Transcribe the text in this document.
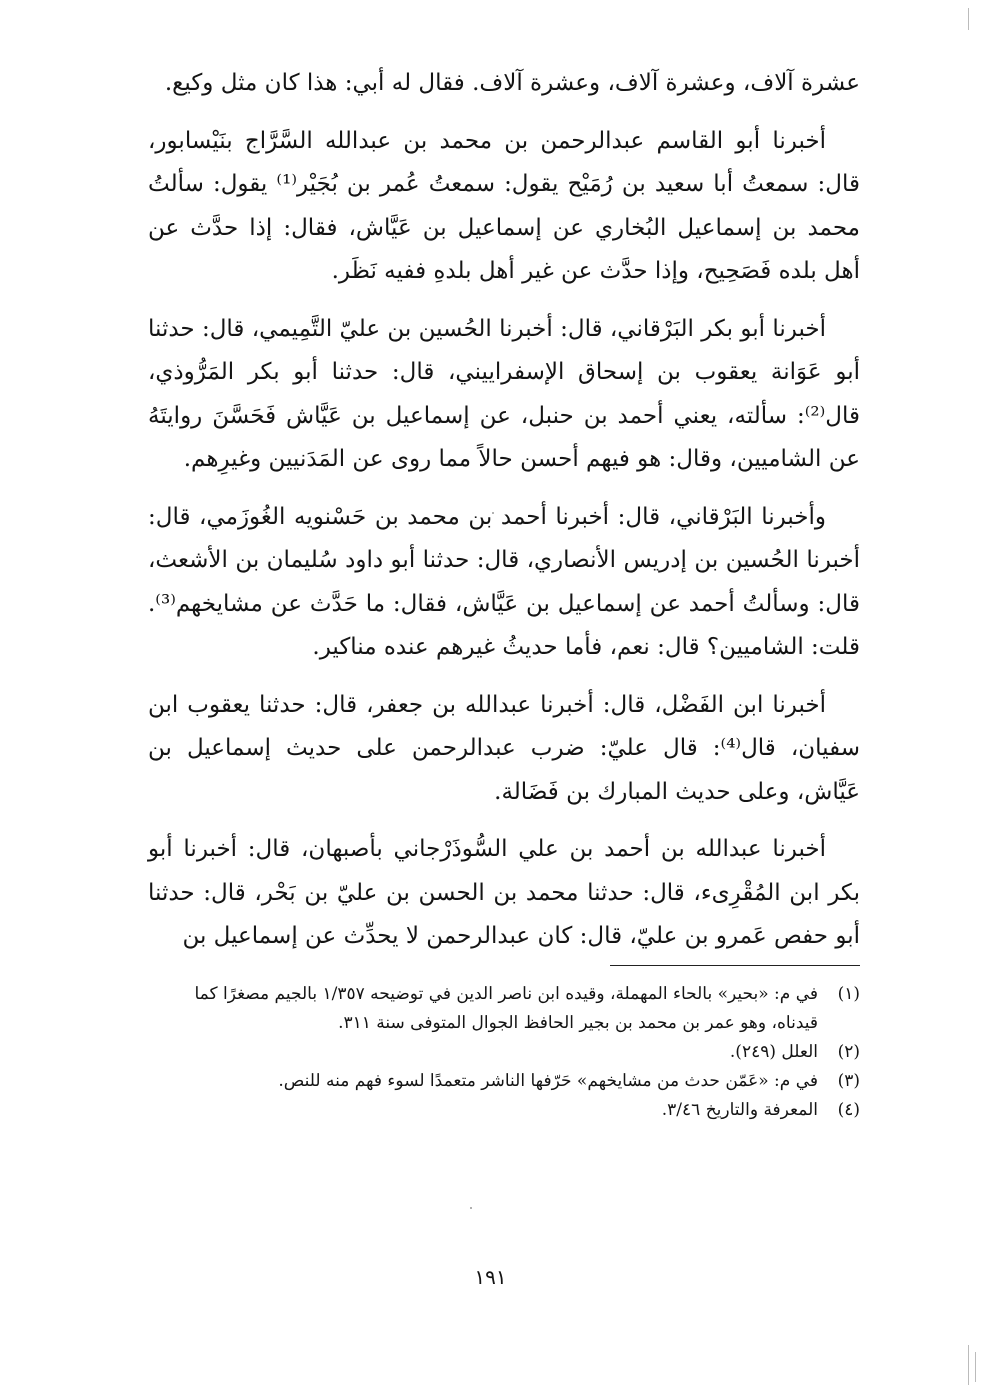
عشرة آلاف، وعشرة آلاف، وعشرة آلاف. فقال له أبي: هذا كان مثل وكيع.

أخبرنا أبو القاسم عبدالرحمن بن محمد بن عبدالله السَّرَّاج بنَيْسابور، قال: سمعتُ أبا سعيد بن رُمَيْح يقول: سمعتُ عُمر بن بُجَيْر⁽¹⁾ يقول: سألتُ محمد بن إسماعيل البُخاري عن إسماعيل بن عَيَّاش، فقال: إذا حدَّث عن أهل بلده فَصَحِيح، وإذا حدَّث عن غير أهل بلدهِ ففيه نَظَر.

أخبرنا أبو بكر البَرْقاني، قال: أخبرنا الحُسين بن عليّ التَّمِيمي، قال: حدثنا أبو عَوَانة يعقوب بن إسحاق الإسفراييني، قال: حدثنا أبو بكر المَرُّوذي، قال⁽²⁾: سألته، يعني أحمد بن حنبل، عن إسماعيل بن عَيَّاش فَحَسَّنَ روايتَهُ عن الشاميين، وقال: هو فيهم أحسن حالاً مما روى عن المَدَنيين وغيرِهم.

وأخبرنا البَرْقاني، قال: أخبرنا أحمد بن محمد بن حَسْنويه الغُوزَمي، قال: أخبرنا الحُسين بن إدريس الأنصاري، قال: حدثنا أبو داود سُليمان بن الأشعث، قال: وسألتُ أحمد عن إسماعيل بن عَيَّاش، فقال: ما حَدَّث عن مشايخهم⁽³⁾. قلت: الشاميين؟ قال: نعم، فأما حديثُ غيرهم عنده مناكير.

أخبرنا ابن الفَضْل، قال: أخبرنا عبدالله بن جعفر، قال: حدثنا يعقوب ابن سفيان، قال⁽⁴⁾: قال عليّ: ضرب عبدالرحمن على حديث إسماعيل بن عَيَّاش، وعلى حديث المبارك بن فَضَالة.

أخبرنا عبدالله بن أحمد بن علي السُّوذَرْجاني بأصبهان، قال: أخبرنا أبو بكر ابن المُقْرِىء، قال: حدثنا محمد بن الحسن بن عليّ بن بَحْر، قال: حدثنا أبو حفص عَمرو بن عليّ، قال: كان عبدالرحمن لا يحدِّث عن إسماعيل بن

(١)
في م: «بحير» بالحاء المهملة، وقيده ابن ناصر الدين في توضيحه ١/٣٥٧ بالجيم مصغرًا كما قيدناه، وهو عمر بن محمد بن بجير الحافظ الجوال المتوفى سنة ٣١١.
(٢)
العلل (٢٤٩).
(٣)
في م: «عَمّن حدث من مشايخهم» حَرّفها الناشر متعمدًا لسوء فهم منه للنص.
(٤)
المعرفة والتاريخ ٣/٤٦.
١٩١
